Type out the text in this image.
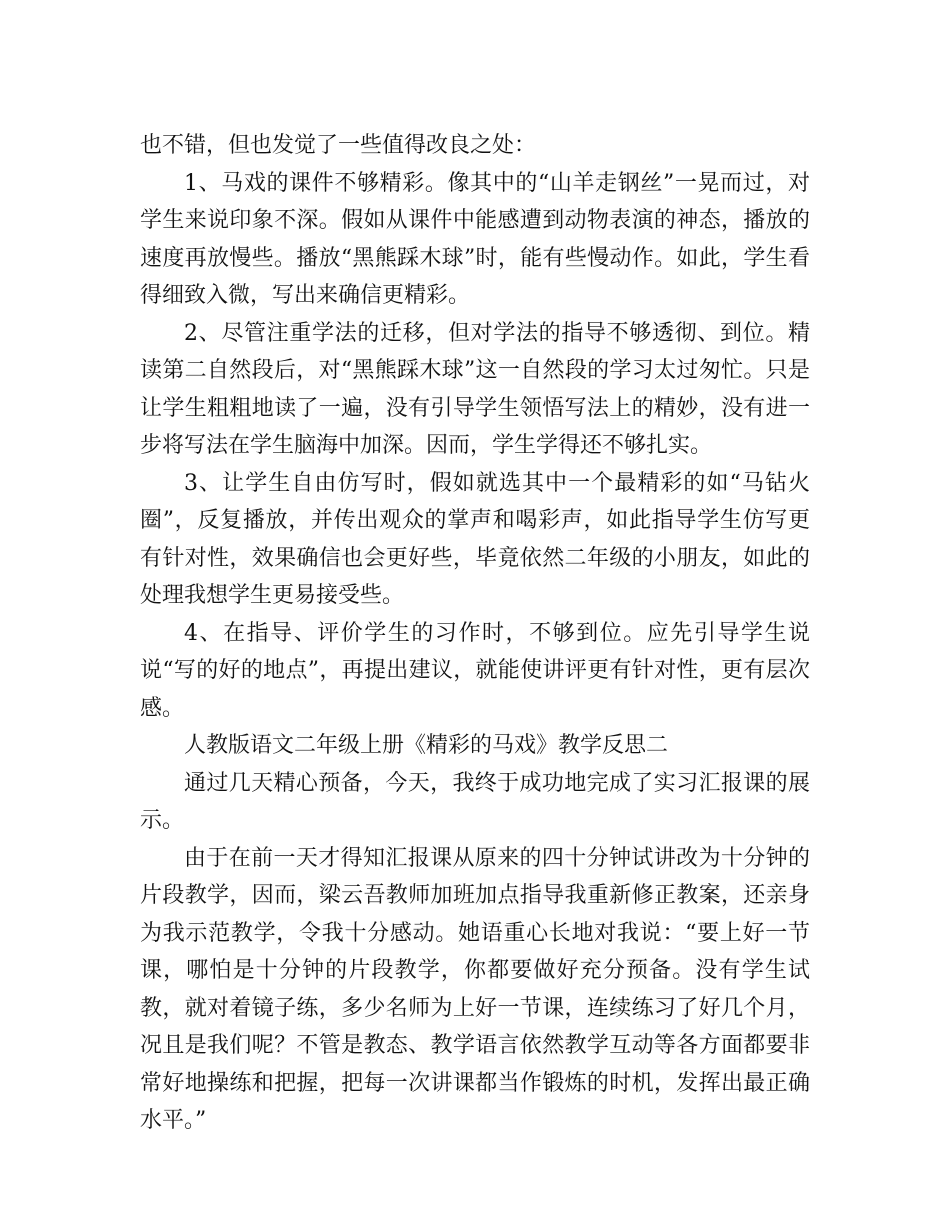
也不错，但也发觉了一些值得改良之处：

1、马戏的课件不够精彩。像其中的“山羊走钢丝”一晃而过，对学生来说印象不深。假如从课件中能感遭到动物表演的神态，播放的速度再放慢些。播放“黑熊踩木球”时，能有些慢动作。如此，学生看得细致入微，写出来确信更精彩。

2、尽管注重学法的迁移，但对学法的指导不够透彻、到位。精读第二自然段后，对“黑熊踩木球”这一自然段的学习太过匆忙。只是让学生粗粗地读了一遍，没有引导学生领悟写法上的精妙，没有进一步将写法在学生脑海中加深。因而，学生学得还不够扎实。

3、让学生自由仿写时，假如就选其中一个最精彩的如“马钻火圈”，反复播放，并传出观众的掌声和喝彩声，如此指导学生仿写更有针对性，效果确信也会更好些，毕竟依然二年级的小朋友，如此的处理我想学生更易接受些。

4、在指导、评价学生的习作时，不够到位。应先引导学生说说“写的好的地点”，再提出建议，就能使讲评更有针对性，更有层次感。

人教版语文二年级上册《精彩的马戏》教学反思二

通过几天精心预备，今天，我终于成功地完成了实习汇报课的展示。

由于在前一天才得知汇报课从原来的四十分钟试讲改为十分钟的片段教学，因而，梁云吾教师加班加点指导我重新修正教案，还亲身为我示范教学，令我十分感动。她语重心长地对我说：“要上好一节课，哪怕是十分钟的片段教学，你都要做好充分预备。没有学生试教，就对着镜子练，多少名师为上好一节课，连续练习了好几个月，况且是我们呢？不管是教态、教学语言依然教学互动等各方面都要非常好地操练和把握，把每一次讲课都当作锻炼的时机，发挥出最正确水平。”
